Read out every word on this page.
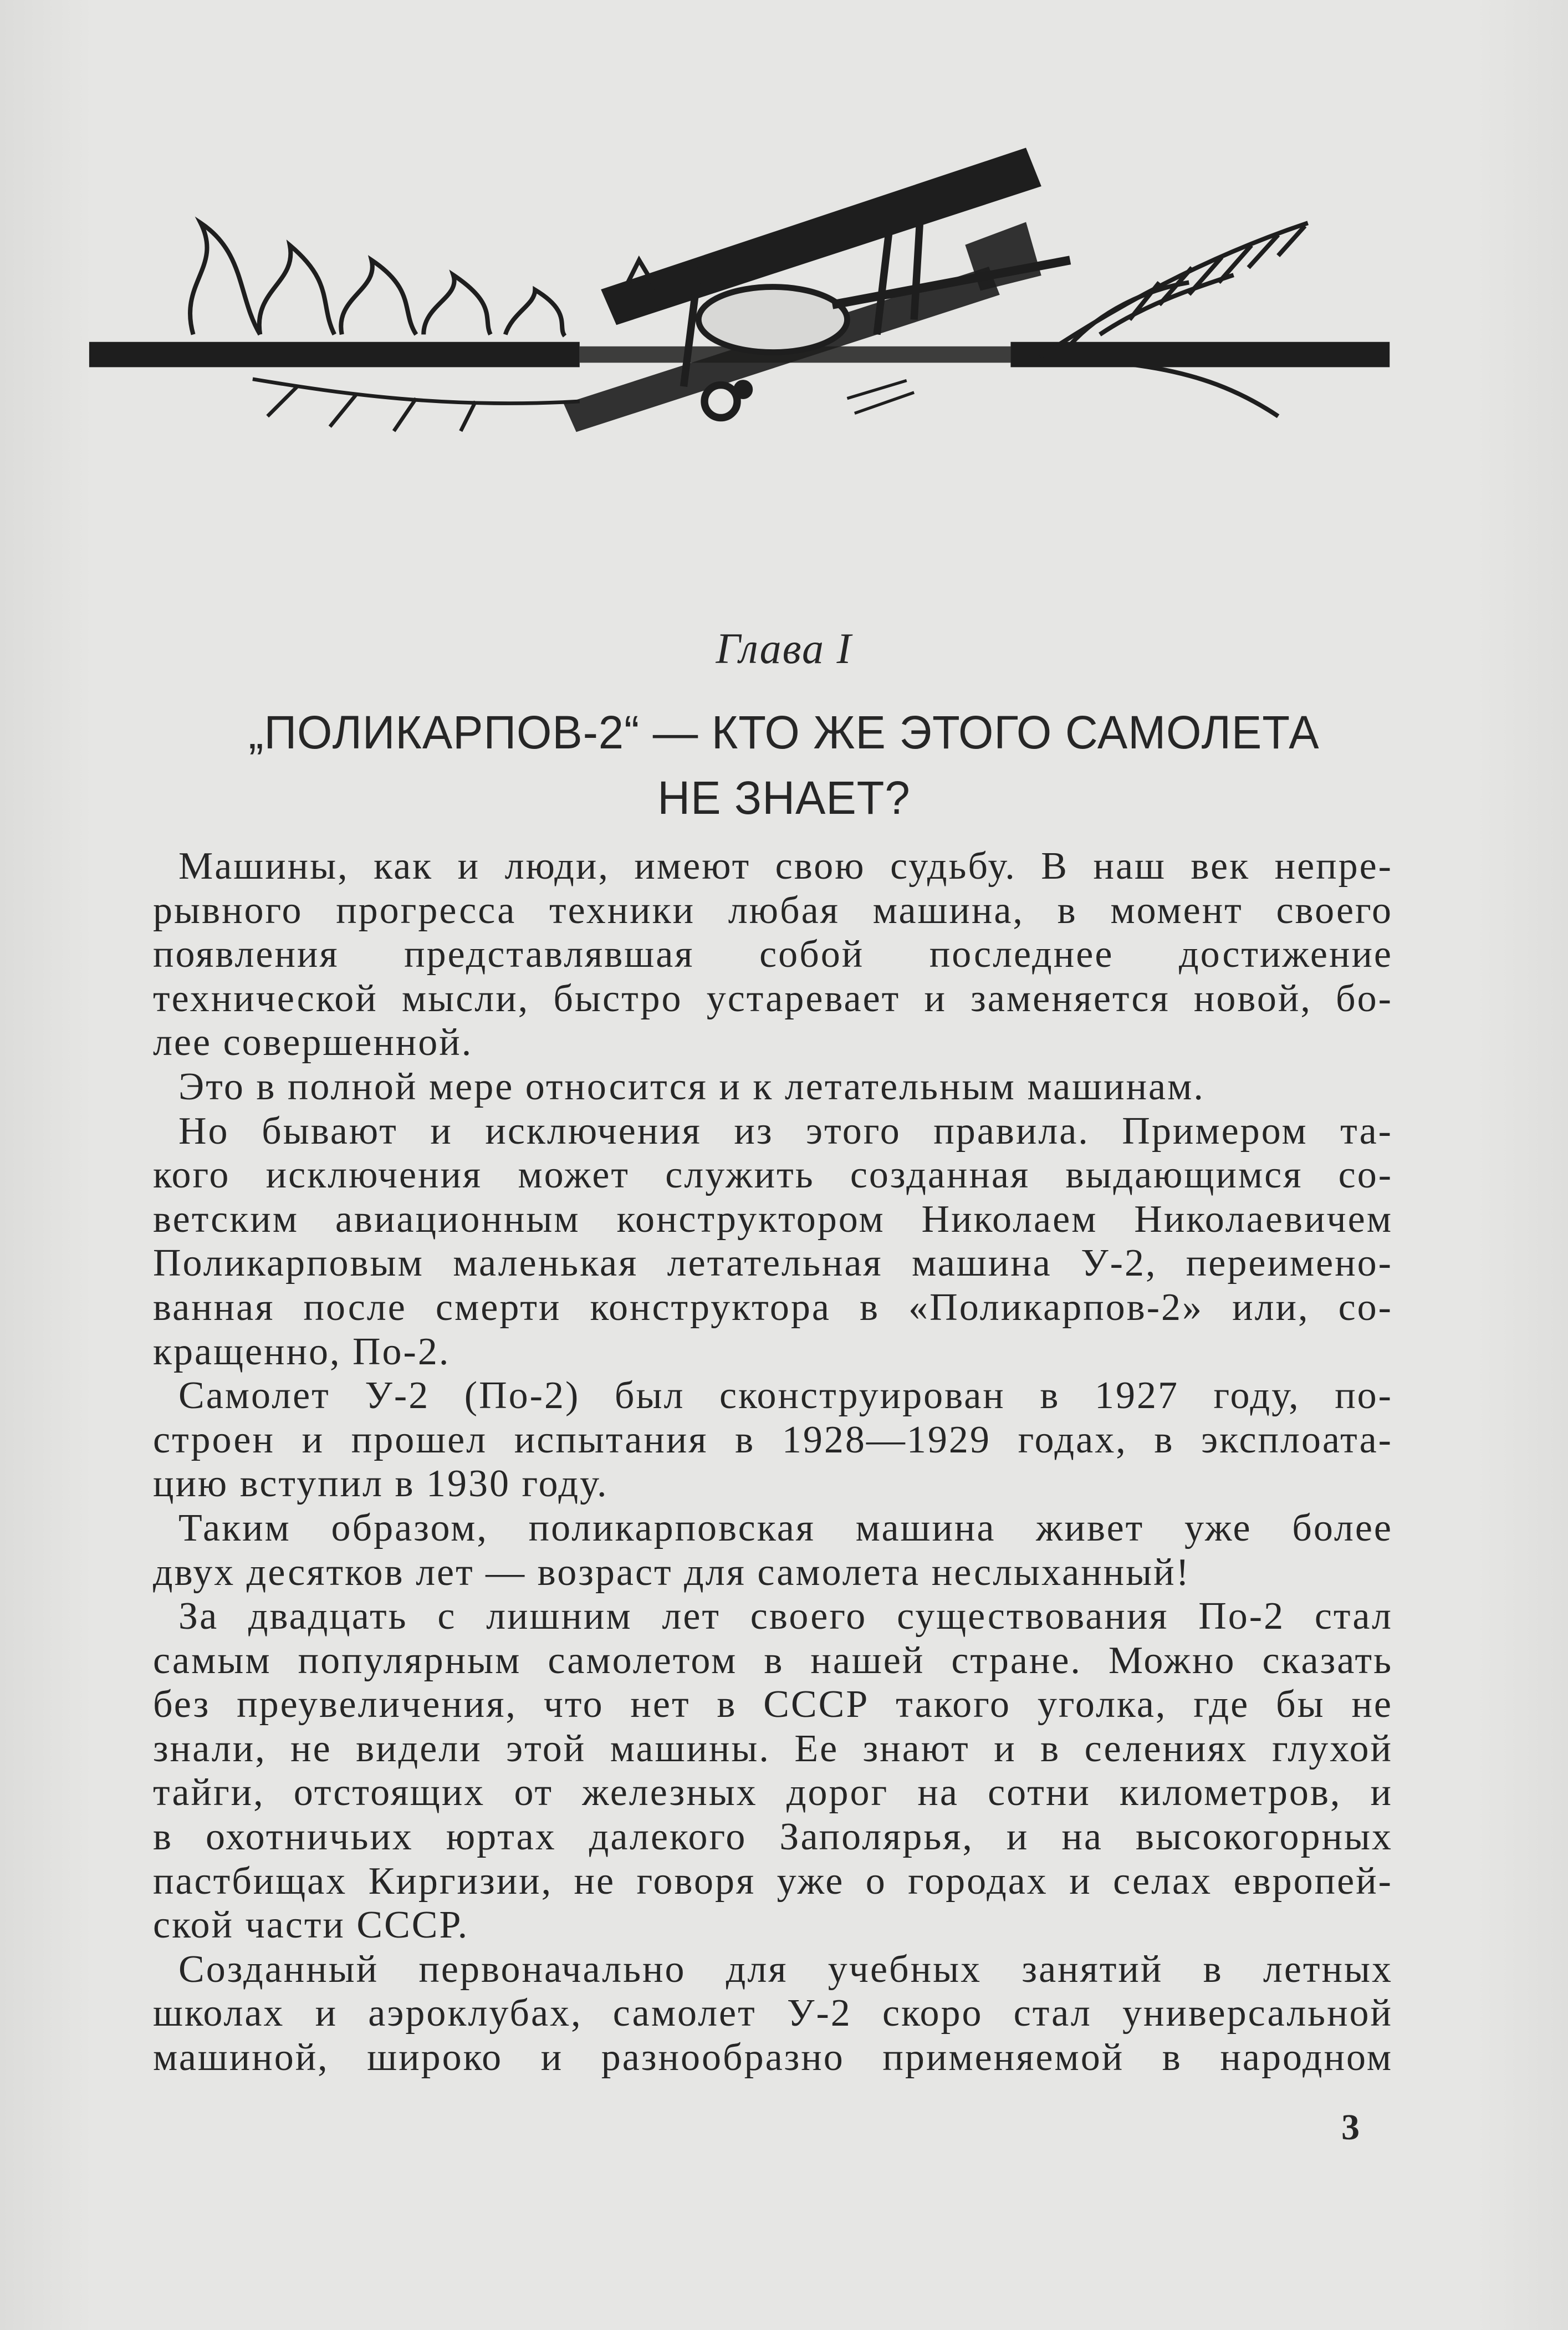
Глава I
„ПОЛИКАРПОВ-2“ — КТО ЖЕ ЭТОГО САМОЛЕТА
НЕ ЗНАЕТ?
Машины, как и люди, имеют свою судьбу. В наш век непре-
рывного прогресса техники любая машина, в момент своего
появления представлявшая собой последнее достижение
технической мысли, быстро устаревает и заменяется новой, бо-
лее совершенной.
Это в полной мере относится и к летательным машинам.
Но бывают и исключения из этого правила. Примером та-
кого исключения может служить созданная выдающимся со-
ветским авиационным конструктором Николаем Николаевичем
Поликарповым маленькая летательная машина У-2, переимено-
ванная после смерти конструктора в «Поликарпов-2» или, со-
кращенно, По-2.
Самолет У-2 (По-2) был сконструирован в 1927 году, по-
строен и прошел испытания в 1928—1929 годах, в эксплоата-
цию вступил в 1930 году.
Таким образом, поликарповская машина живет уже более
двух десятков лет — возраст для самолета неслыханный!
За двадцать с лишним лет своего существования По-2 стал
самым популярным самолетом в нашей стране. Можно сказать
без преувеличения, что нет в СССР такого уголка, где бы не
знали, не видели этой машины. Ее знают и в селениях глухой
тайги, отстоящих от железных дорог на сотни километров, и
в охотничьих юртах далекого Заполярья, и на высокогорных
пастбищах Киргизии, не говоря уже о городах и селах европей-
ской части СССР.
Созданный первоначально для учебных занятий в летных
школах и аэроклубах, самолет У-2 скоро стал универсальной
машиной, широко и разнообразно применяемой в народном
3
